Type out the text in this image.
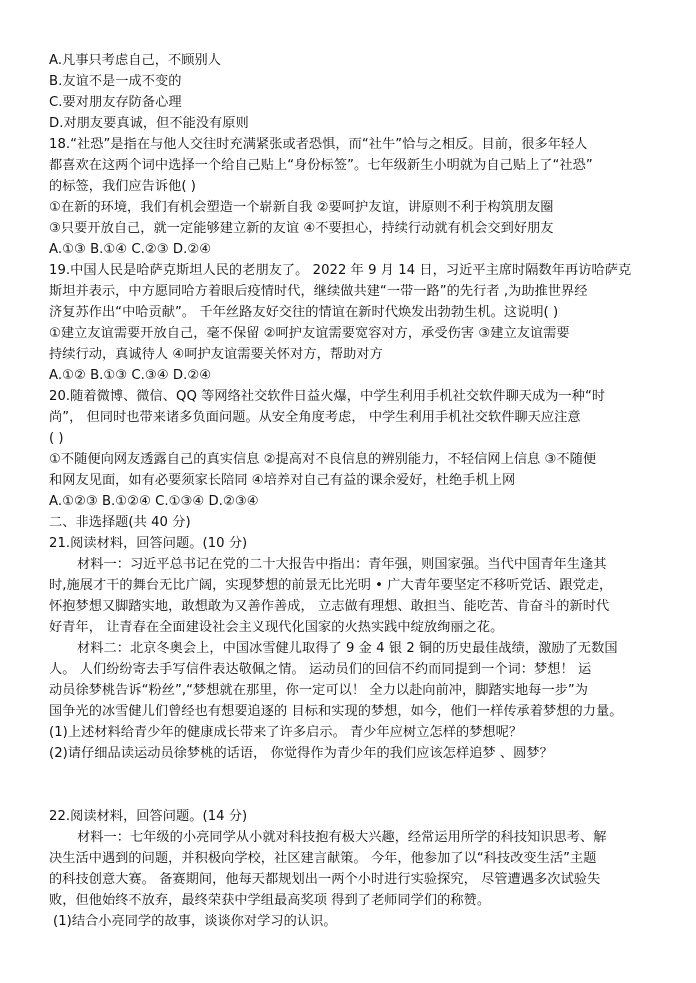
A.凡事只考虑自己，不顾别人
B.友谊不是一成不变的
C.要对朋友存防备心理
D.对朋友要真诚，但不能没有原则
18.“社恐”是指在与他人交往时充满紧张或者恐惧，而“社牛”恰与之相反。目前，很多年轻人
都喜欢在这两个词中选择一个给自己贴上“身份标签”。七年级新生小明就为自己贴上了“社恐”
的标签，我们应告诉他( )
①在新的环境，我们有机会塑造一个崭新自我 ②要呵护友谊，讲原则不利于构筑朋友圈
③只要开放自己，就一定能够建立新的友谊 ④不要担心，持续行动就有机会交到好朋友
A.①③ B.①④ C.②③ D.②④
19.中国人民是哈萨克斯坦人民的老朋友了。 2022 年 9 月 14 日，习近平主席时隔数年再访哈萨克
斯坦并表示，中方愿同哈方着眼后疫情时代，继续做共建“一带一路”的先行者 ,为助推世界经
济复苏作出“中哈贡献”。 千年丝路友好交往的情谊在新时代焕发出勃勃生机。这说明( )
①建立友谊需要开放自己，毫不保留 ②呵护友谊需要宽容对方，承受伤害 ③建立友谊需要
持续行动，真诚待人 ④呵护友谊需要关怀对方，帮助对方
A.①② B.①③ C.③④ D.②④
20.随着微博、微信、QQ 等网络社交软件日益火爆，中学生利用手机社交软件聊天成为一种“时
尚”， 但同时也带来诸多负面问题。从安全角度考虑， 中学生利用手机社交软件聊天应注意
( )
①不随便向网友透露自己的真实信息 ②提高对不良信息的辨别能力，不轻信网上信息 ③不随便
和网友见面，如有必要须家长陪同 ④培养对自己有益的课余爱好，杜绝手机上网
A.①②③ B.①②④ C.①③④ D.②③④
二、非选择题(共 40 分)
21.阅读材料，回答问题。(10 分)
材料一：习近平总书记在党的二十大报告中指出：青年强，则国家强。当代中国青年生逢其
时,施展才干的舞台无比广阔，实现梦想的前景无比光明 • 广大青年要坚定不移听党话、跟党走，
怀抱梦想又脚踏实地，敢想敢为又善作善成， 立志做有理想、敢担当、能吃苦、肯奋斗的新时代
好青年， 让青春在全面建设社会主义现代化国家的火热实践中绽放绚丽之花。
材料二：北京冬奥会上，中国冰雪健儿取得了 9 金 4 银 2 铜的历史最佳战绩，激励了无数国
人。 人们纷纷寄去手写信件表达敬佩之情。 运动员们的回信不约而同提到一个词：梦想！ 运
动员徐梦桃告诉“粉丝”,“梦想就在那里，你一定可以！ 全力以赴向前冲，脚踏实地每一步”为
国争光的冰雪健儿们曾经也有想要追逐的 目标和实现的梦想，如今，他们一样传承着梦想的力量。
(1)上述材料给青少年的健康成长带来了许多启示。 青少年应树立怎样的梦想呢？
(2)请仔细品读运动员徐梦桃的话语， 你觉得作为青少年的我们应该怎样追梦 、圆梦？
22.阅读材料，回答问题。(14 分)
材料一：七年级的小亮同学从小就对科技抱有极大兴趣，经常运用所学的科技知识思考、解
决生活中遇到的问题，并积极向学校，社区建言献策。 今年，他参加了以“科技改变生活”主题
的科技创意大赛。 备赛期间，他每天都规划出一两个小时进行实验探究， 尽管遭遇多次试验失
败，但他始终不放弃，最终荣获中学组最高奖项 得到了老师同学们的称赞。
(1)结合小亮同学的故事，谈谈你对学习的认识。
